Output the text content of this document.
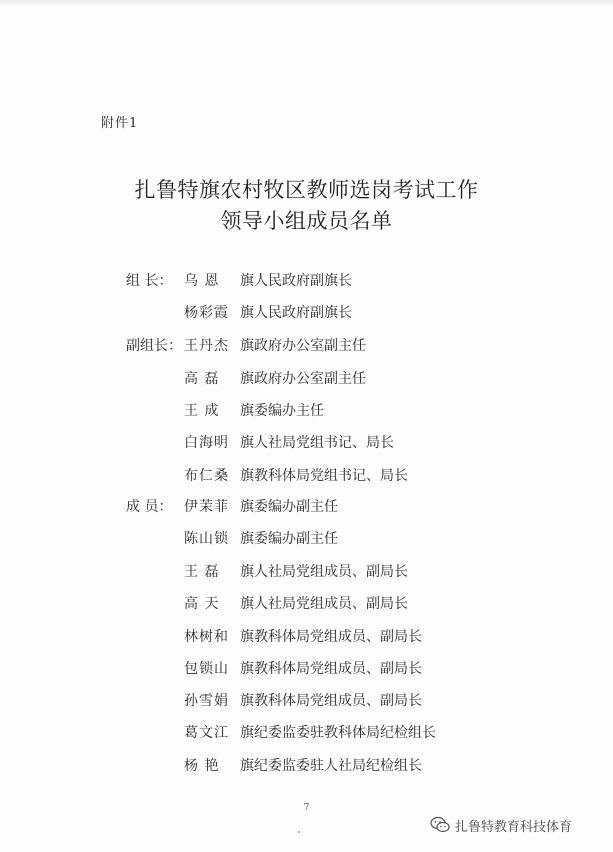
附件1
扎鲁特旗农村牧区教师选岗考试工作
领导小组成员名单
组 长： 乌 恩 旗人民政府副旗长
杨彩霞 旗人民政府副旗长
副组长： 王丹杰 旗政府办公室副主任
高 磊 旗政府办公室副主任
王 成 旗委编办主任
白海明 旗人社局党组书记、局长
布仁桑 旗教科体局党组书记、局长
成 员： 伊茉菲 旗委编办副主任
陈山锁 旗委编办副主任
王 磊 旗人社局党组成员、副局长
高 天 旗人社局党组成员、副局长
林树和 旗教科体局党组成员、副局长
包锁山 旗教科体局党组成员、副局长
孙雪娟 旗教科体局党组成员、副局长
葛文江 旗纪委监委驻教科体局纪检组长
杨 艳 旗纪委监委驻人社局纪检组长
7
扎鲁特教育科技体育
